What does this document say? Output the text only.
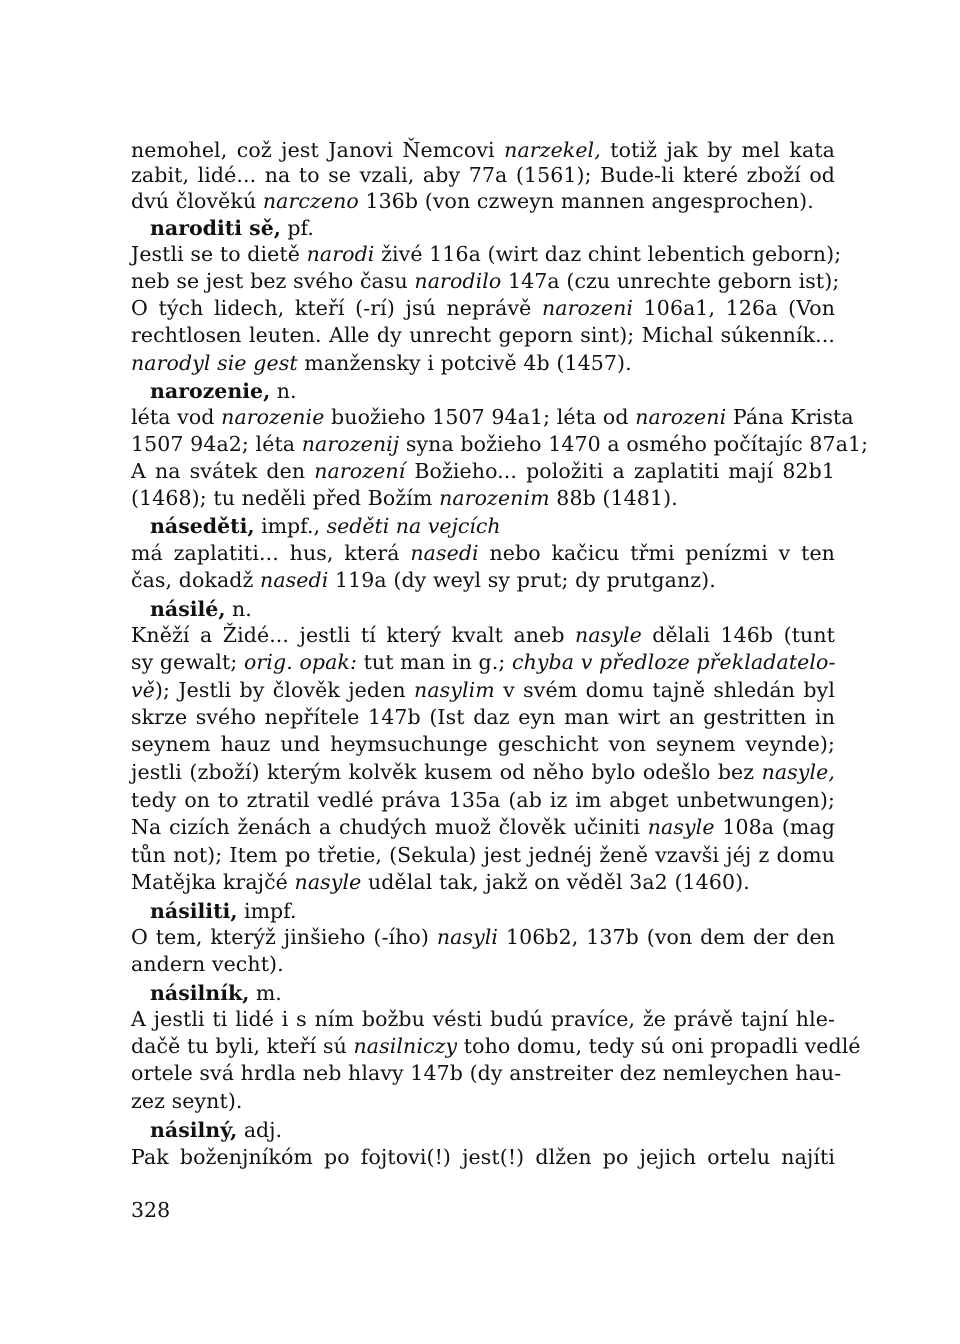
nemohel, což jest Janovi Ňemcovi narzekel, totiž jak by mel kata
zabit, lidé... na to se vzali, aby 77a (1561); Bude-li které zboží od
dvú člověkú narczeno 136b (von czweyn mannen angesprochen).
naroditi sě, pf.
Jestli se to dietě narodi živé 116a (wirt daz chint lebentich geborn);
neb se jest bez svého času narodilo 147a (czu unrechte geborn ist);
O tých lidech, kteří (-rí) jsú neprávě narozeni 106a1, 126a (Von
rechtlosen leuten. Alle dy unrecht geporn sint); Michal súkenník...
narodyl sie gest manžensky i potcivě 4b (1457).
narozenie, n.
léta vod narozenie buožieho 1507 94a1; léta od narozeni Pána Krista
1507 94a2; léta narozenij syna božieho 1470 a osmého počítajíc 87a1;
A na svátek den narození Božieho... položiti a zaplatiti mají 82b1
(1468); tu neděli před Božím narozenim 88b (1481).
náseděti, impf., seděti na vejcích
má zaplatiti... hus, která nasedi nebo kačicu třmi penízmi v ten
čas, dokadž nasedi 119a (dy weyl sy prut; dy prutganz).
násilé, n.
Kněží a Židé... jestli tí který kvalt aneb nasyle dělali 146b (tunt
sy gewalt; orig. opak: tut man in g.; chyba v předloze překladatelo-
vě); Jestli by člověk jeden nasylim v svém domu tajně shledán byl
skrze svého nepřítele 147b (Ist daz eyn man wirt an gestritten in
seynem hauz und heymsuchunge geschicht von seynem veynde);
jestli (zboží) kterým kolvěk kusem od něho bylo odešlo bez nasyle,
tedy on to ztratil vedlé práva 135a (ab iz im abget unbetwungen);
Na cizích ženách a chudých muož člověk učiniti nasyle 108a (mag
tůn not); Item po třetie, (Sekula) jest jednéj ženě vzavši jéj z domu
Matějka krajčé nasyle udělal tak, jakž on věděl 3a2 (1460).
násiliti, impf.
O tem, kterýž jinšieho (-ího) nasyli 106b2, 137b (von dem der den
andern vecht).
násilník, m.
A jestli ti lidé i s ním božbu vésti budú pravíce, že právě tajní hle-
dačě tu byli, kteří sú nasilniczy toho domu, tedy sú oni propadli vedlé
ortele svá hrdla neb hlavy 147b (dy anstreiter dez nemleychen hau-
zez seynt).
násilný, adj.
Pak boženjníkóm po fojtovi(!) jest(!) dlžen po jejich ortelu najíti
328
